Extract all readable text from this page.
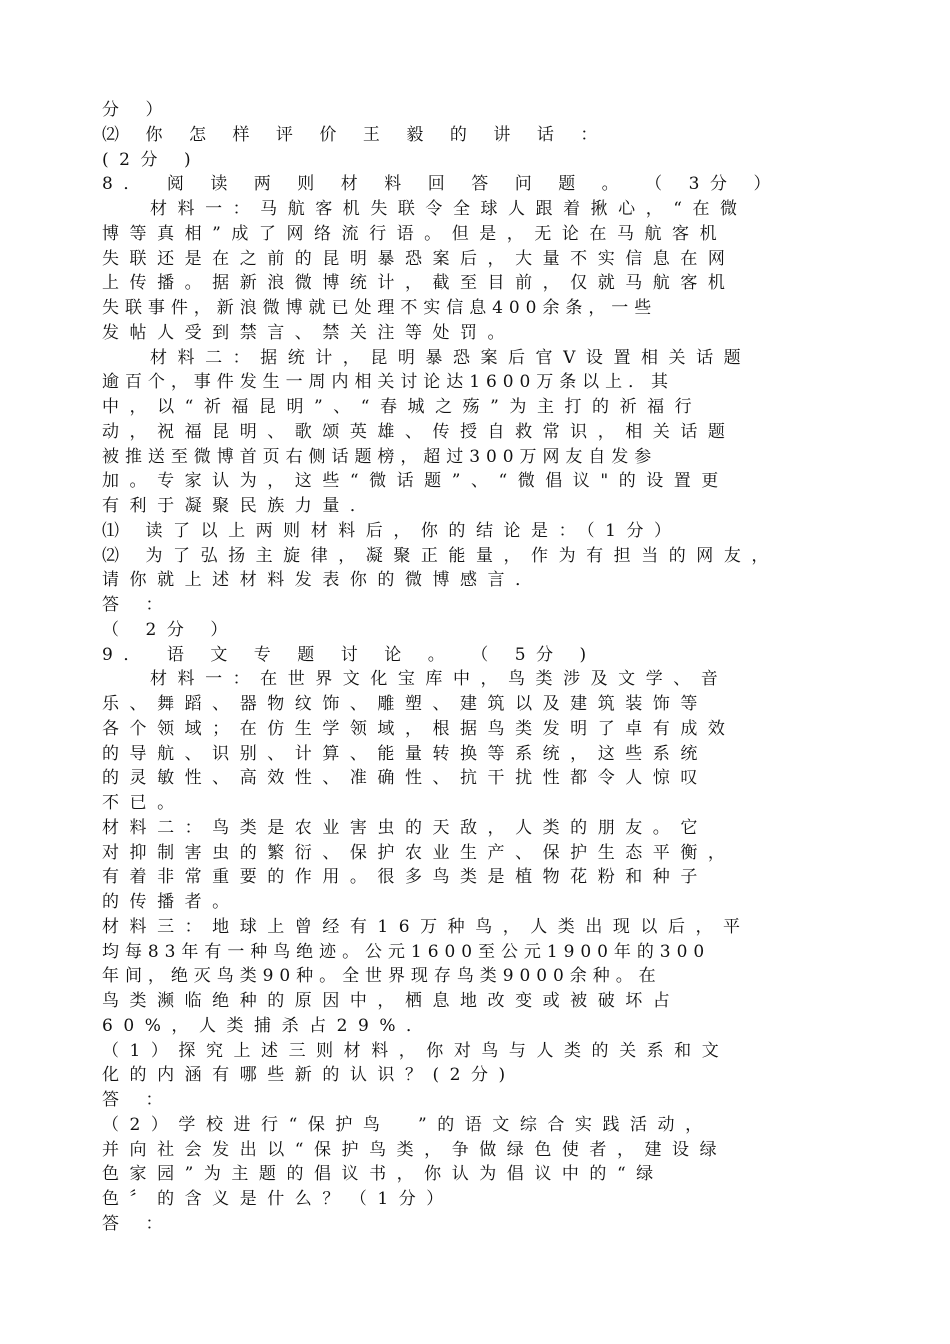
分 ）
⑵ 你 怎 样 评 价 王 毅 的 讲 话 ：
(2分 )
8． 阅 读 两 则 材 料 回 答 问 题 。 （ 3分 ）
材料一：马航客机失联令全球人跟着揪心，“在微
博等真相”成了网络流行语。但是，无论在马航客机
失联还是在之前的昆明暴恐案后，大量不实信息在网
上传播。据新浪微博统计，截至目前，仅就马航客机
失联事件，新浪微博就已处理不实信息400余条，一些
发帖人受到禁言、禁关注等处罚。
材料二：据统计，昆明暴恐案后官V设置相关话题
逾百个，事件发生一周内相关讨论达1600万条以上．其
中，以“祈福昆明”、“春城之殇”为主打的祈福行
动，祝福昆明、歌颂英雄、传授自救常识，相关话题
被推送至微博首页右侧话题榜，超过300万网友自发参
加。专家认为，这些“微话题”、“微倡议"的设置更
有利于凝聚民族力量．
⑴ 读了以上两则材料后，你的结论是：（1分）
⑵ 为了弘扬主旋律，凝聚正能量，作为有担当的网友，
请你就上述材料发表你的微博感言．
答 ：
（ 2分 ）
9． 语 文 专 题 讨 论 。 （ 5分 )
材料一：在世界文化宝库中，鸟类涉及文学、音
乐、舞蹈、器物纹饰、雕塑、建筑以及建筑装饰等
各个领域；在仿生学领域，根据鸟类发明了卓有成效
的导航、识别、计算、能量转换等系统，这些系统
的灵敏性、高效性、准确性、抗干扰性都令人惊叹
不已。
材料二：鸟类是农业害虫的天敌，人类的朋友。它
对抑制害虫的繁衍、保护农业生产、保护生态平衡，
有着非常重要的作用。很多鸟类是植物花粉和种子
的传播者。
材料三：地球上曾经有16万种鸟，人类出现以后，平
均每83年有一种鸟绝迹。公元1600至公元1900年的300
年间，绝灭鸟类90种。全世界现存鸟类9000余种。在
鸟类濒临绝种的原因中，栖息地改变或被破坏占
60%，人类捕杀占29%．
（1）探究上述三则材料，你对鸟与人类的关系和文
化的内涵有哪些新的认识？(2分)
答 ：
（2）学校进行“保护鸟　”的语文综合实践活动，
并向社会发出以“保护鸟类，争做绿色使者，建设绿
色家园”为主题的倡议书，你认为倡议中的“绿
色〞的含义是什么？（1分）
答 ：
